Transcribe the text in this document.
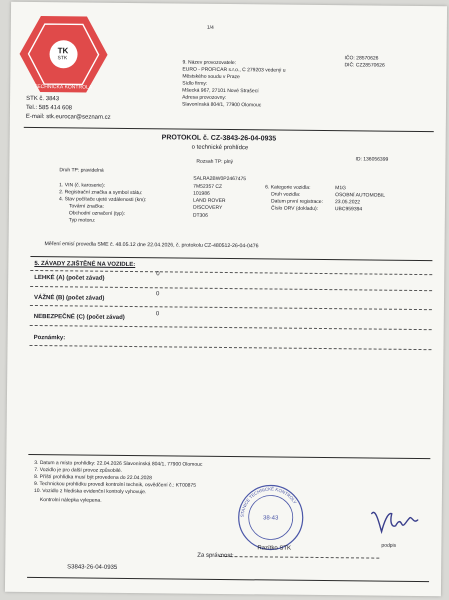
1/4
TECHNICKÁ KONTROLA
TK
STK
STK č. 3843
Tel.: 585 414 608
E-mail: stk.eurocar@seznam.cz
9. Název provozovatele:
EURO - PROFICAR s.r.o., C 279203 vedený u
Městského soudu v Praze
Sídlo firmy:
Mšecká 967, 27101 Nové Strašecí
Adresa provozovny:
Slavonínská 804/1, 77900 Olomouc
IČO: 28570626
DIČ: CZ28570626
PROTOKOL č. CZ-3843-26-04-0935
o technické prohlídce
Rozsah TP: plný	ID: 136056399
Druh TP: pravidelná
1. VIN (č. karoserie):
2. Registrační značka a symbol státu:
4. Stav počítače ujeté vzdálenosti (km):
Tovární značka:
Obchodní označení (typ):
Typ motoru:
SALRA2BW0P2467475
7M52357 CZ
101986
LAND ROVER
DISCOVERY
DT306
6. Kategorie vozidla:
Druh vozidla:
Datum první registrace:
Číslo ORV (dokladu):
M1G
OSOBNÍ AUTOMOBIL
23.05.2022
UBC959394
Měření emisí provedla SME č. 48.05.12 dne 22.04.2026, č. protokolu CZ-480512-26-04-0476
5. ZÁVADY ZJIŠTĚNÉ NA VOZIDLE:
LEHKÉ (A) (počet závad)
0
VÁŽNÉ (B) (počet závad)
0
NEBEZPEČNÉ (C) (počet závad)	0
Poznámky:
3. Datum a místo prohlídky: 22.04.2026 Slavonínská 804/1, 77900 Olomouc
7. Vozidlo je pro další provoz způsobilé.
8. Příští prohlídka musí být provedena do 22.04.2028
9. Technickou prohlídku provedl kontrolní technik, osvědčení č.: KT00875
10. Vozidlo z hlediska evidenční kontroly vyhovuje.
Kontrolní nálepka vylepena.
STANICE TECHNICKÉ KONTROLY
38-43
podpis
Za správnost:
Razítko STK
S3843-26-04-0935
